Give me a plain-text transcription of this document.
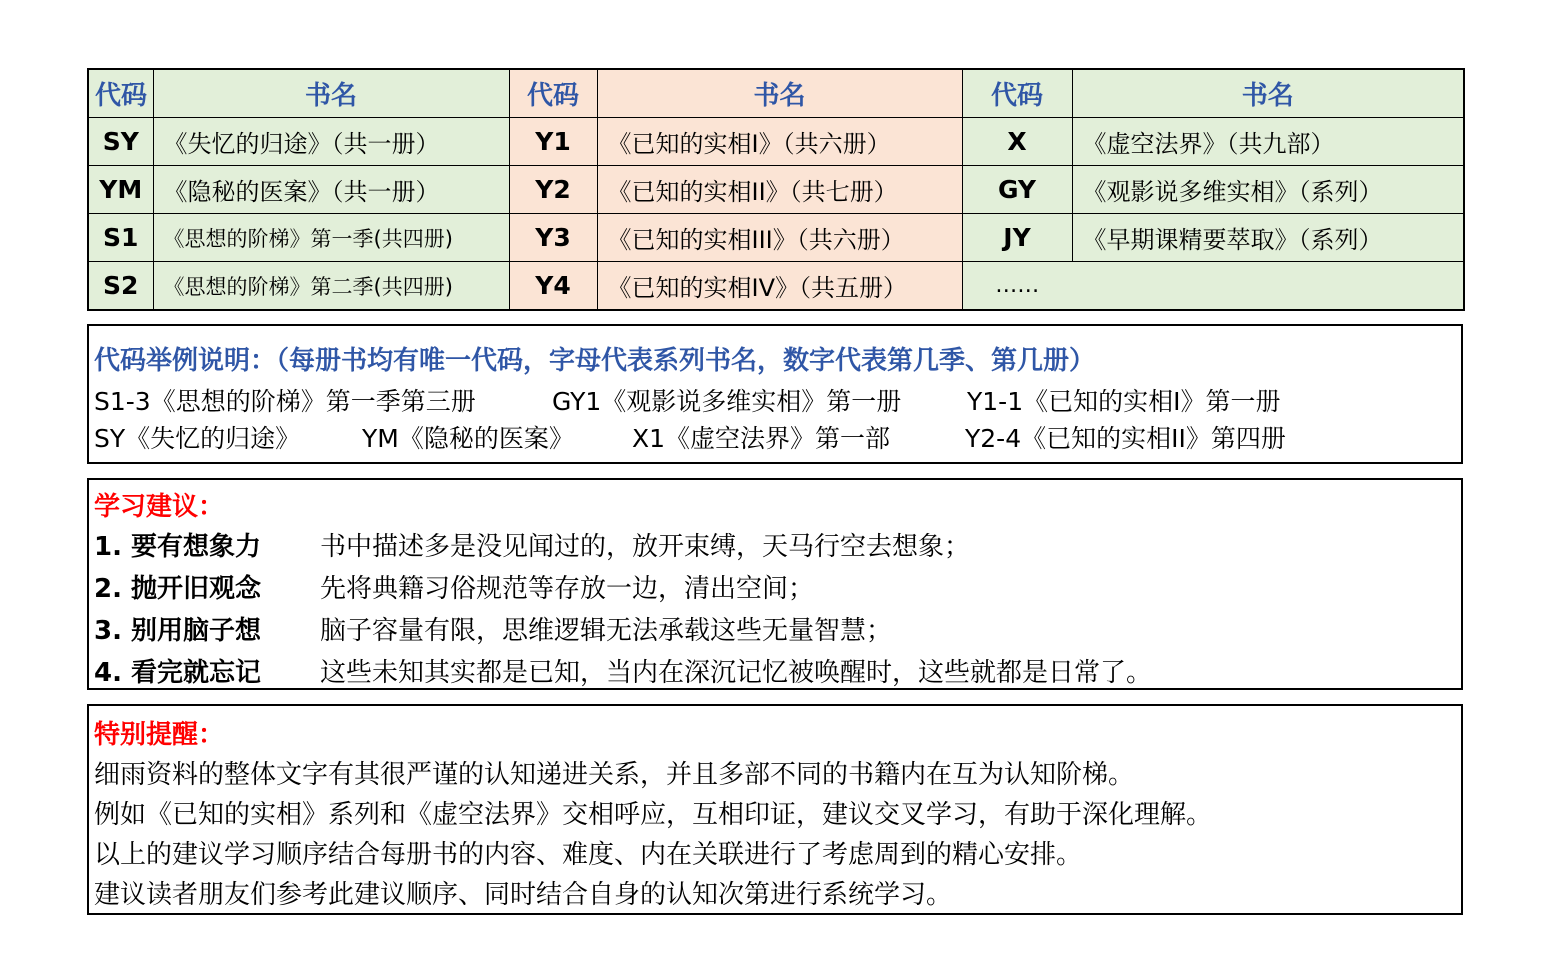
代码	书名	代码	书名	代码	书名
SY	《失忆的归途》（共一册）	Y1	《已知的实相I》（共六册）	X	《虚空法界》（共九部）
YM	《隐秘的医案》（共一册）	Y2	《已知的实相II》（共七册）	GY	《观影说多维实相》（系列）
S1	《思想的阶梯》第一季(共四册)	Y3	《已知的实相III》（共六册）	JY	《早期课精要萃取》（系列）
S2	《思想的阶梯》第二季(共四册)	Y4	《已知的实相IV》（共五册）	……	
代码举例说明：（每册书均有唯一代码，字母代表系列书名，数字代表第几季、第几册）
S1-3《思想的阶梯》第一季第三册	GY1《观影说多维实相》第一册	Y1-1《已知的实相I》第一册
SY《失忆的归途》 YM《隐秘的医案》 X1《虚空法界》第一部	Y2-4《已知的实相II》第四册
学习建议：
1. 要有想象力 书中描述多是没见闻过的，放开束缚，天马行空去想象；
2. 抛开旧观念 先将典籍习俗规范等存放一边，清出空间；
3. 别用脑子想 脑子容量有限，思维逻辑无法承载这些无量智慧；
4. 看完就忘记 这些未知其实都是已知，当内在深沉记忆被唤醒时，这些就都是日常了。
特别提醒：
细雨资料的整体文字有其很严谨的认知递进关系，并且多部不同的书籍内在互为认知阶梯。
例如《已知的实相》系列和《虚空法界》交相呼应，互相印证，建议交叉学习，有助于深化理解。
以上的建议学习顺序结合每册书的内容、难度、内在关联进行了考虑周到的精心安排。
建议读者朋友们参考此建议顺序、同时结合自身的认知次第进行系统学习。
